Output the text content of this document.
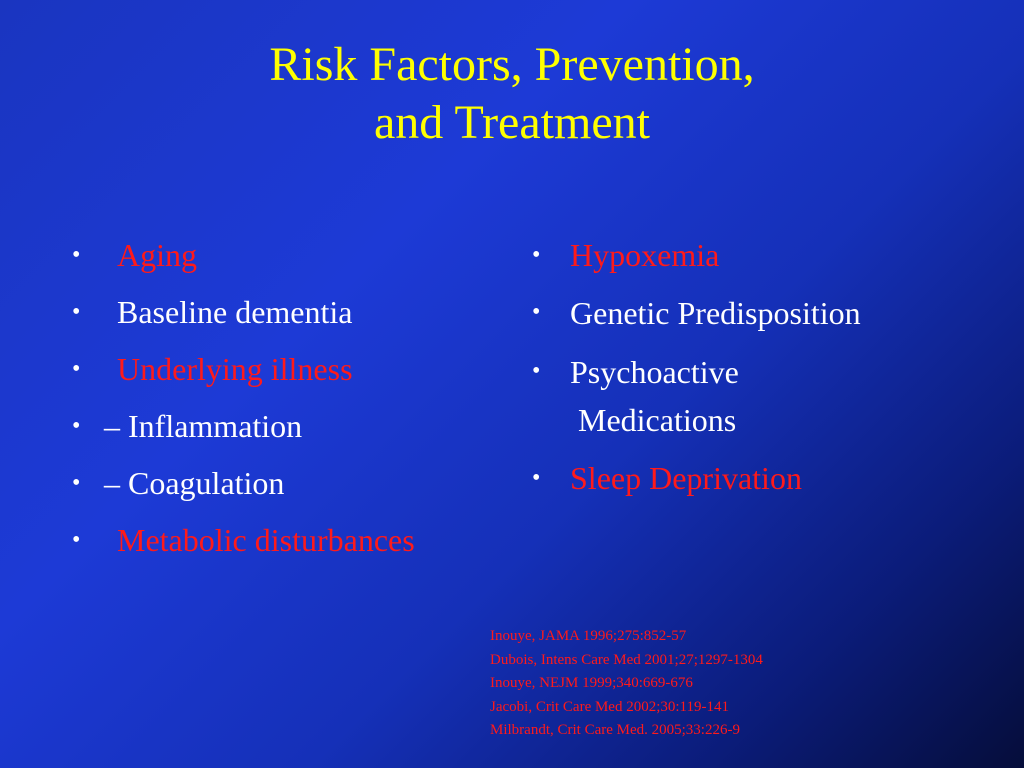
Risk Factors, Prevention,
and Treatment
•	Aging
•	Baseline dementia
•	Underlying illness
• – Inflammation
• – Coagulation
•	Metabolic disturbances
• Hypoxemia
• Genetic Predisposition
• Psychoactive Medications
• Sleep Deprivation
Inouye, JAMA 1996;275:852-57
Dubois, Intens Care Med 2001;27;1297-1304
Inouye, NEJM 1999;340:669-676
Jacobi, Crit Care Med 2002;30:119-141
Milbrandt, Crit Care Med. 2005;33:226-9
